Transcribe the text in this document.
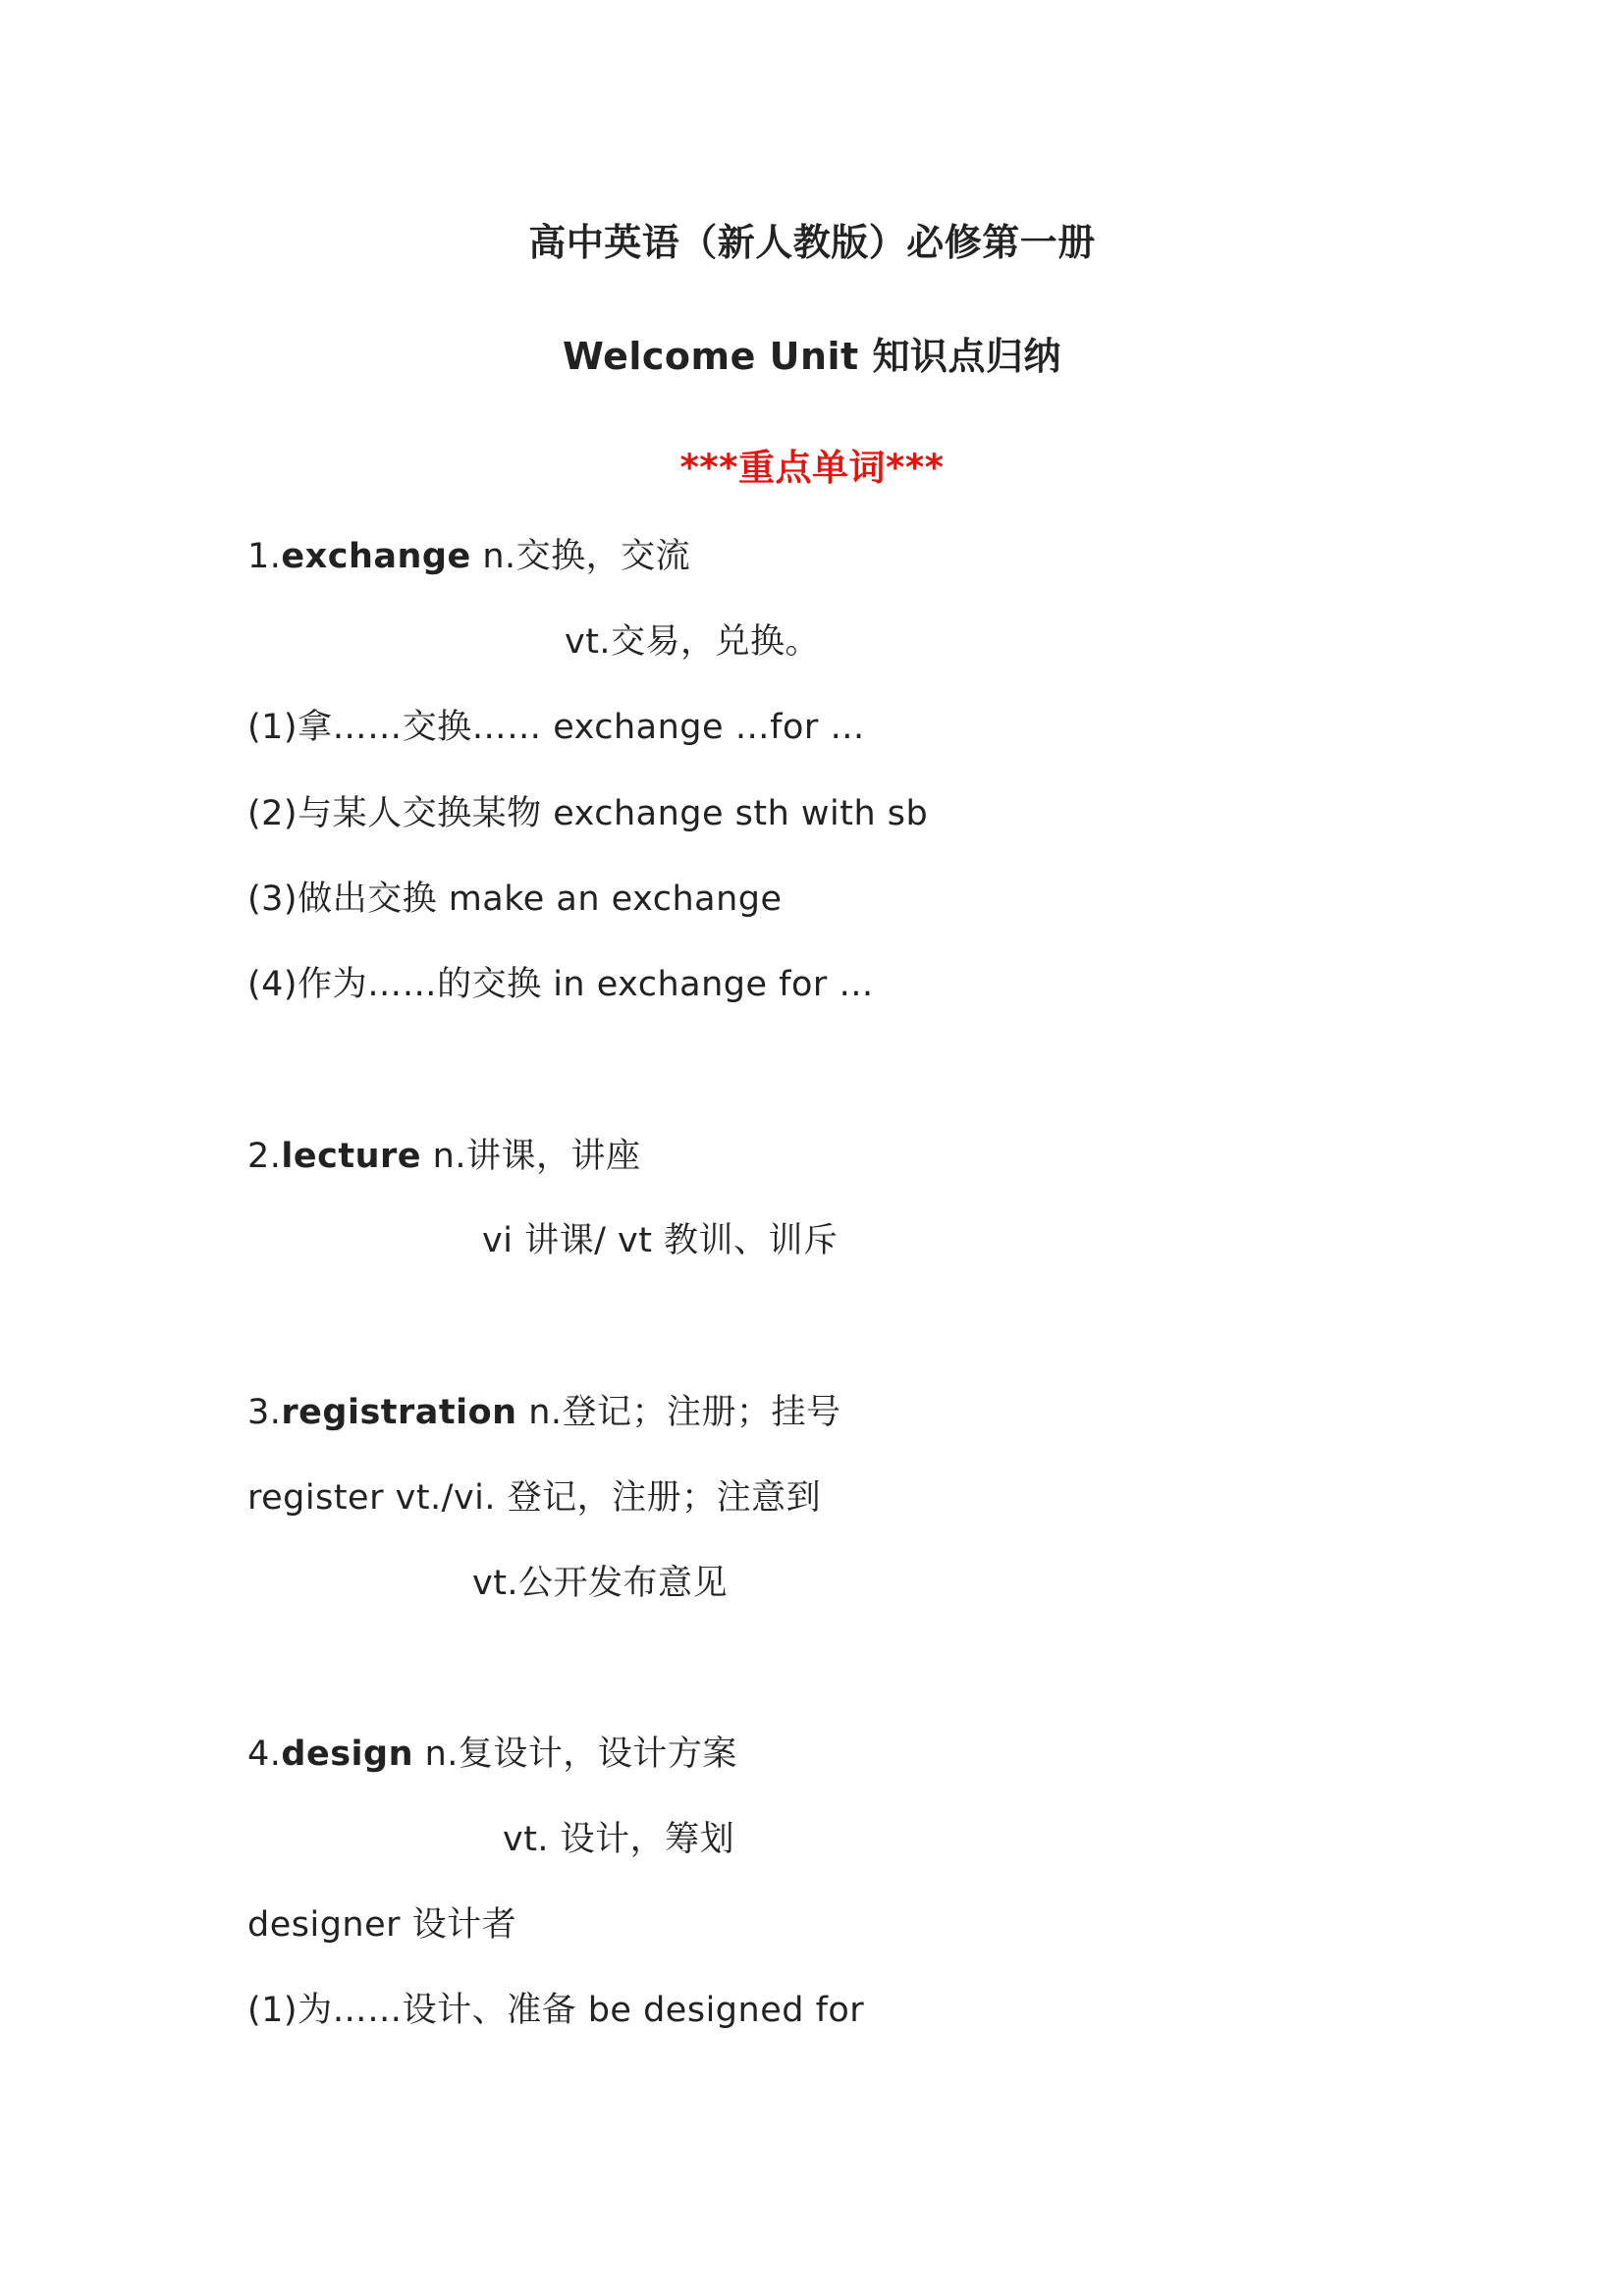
高中英语（新人教版）必修第一册
Welcome Unit 知识点归纳
***重点单词***
1.exchange n.交换，交流
vt.交易，兑换。
(1)拿……交换…… exchange …for …
(2)与某人交换某物 exchange sth with sb
(3)做出交换 make an exchange
(4)作为……的交换 in exchange for …
2.lecture n.讲课，讲座
vi 讲课/ vt 教训、训斥
3.registration n.登记；注册；挂号
register vt./vi. 登记，注册；注意到
vt.公开发布意见
4.design n.复设计，设计方案
vt. 设计，筹划
designer 设计者
(1)为……设计、准备 be designed for
